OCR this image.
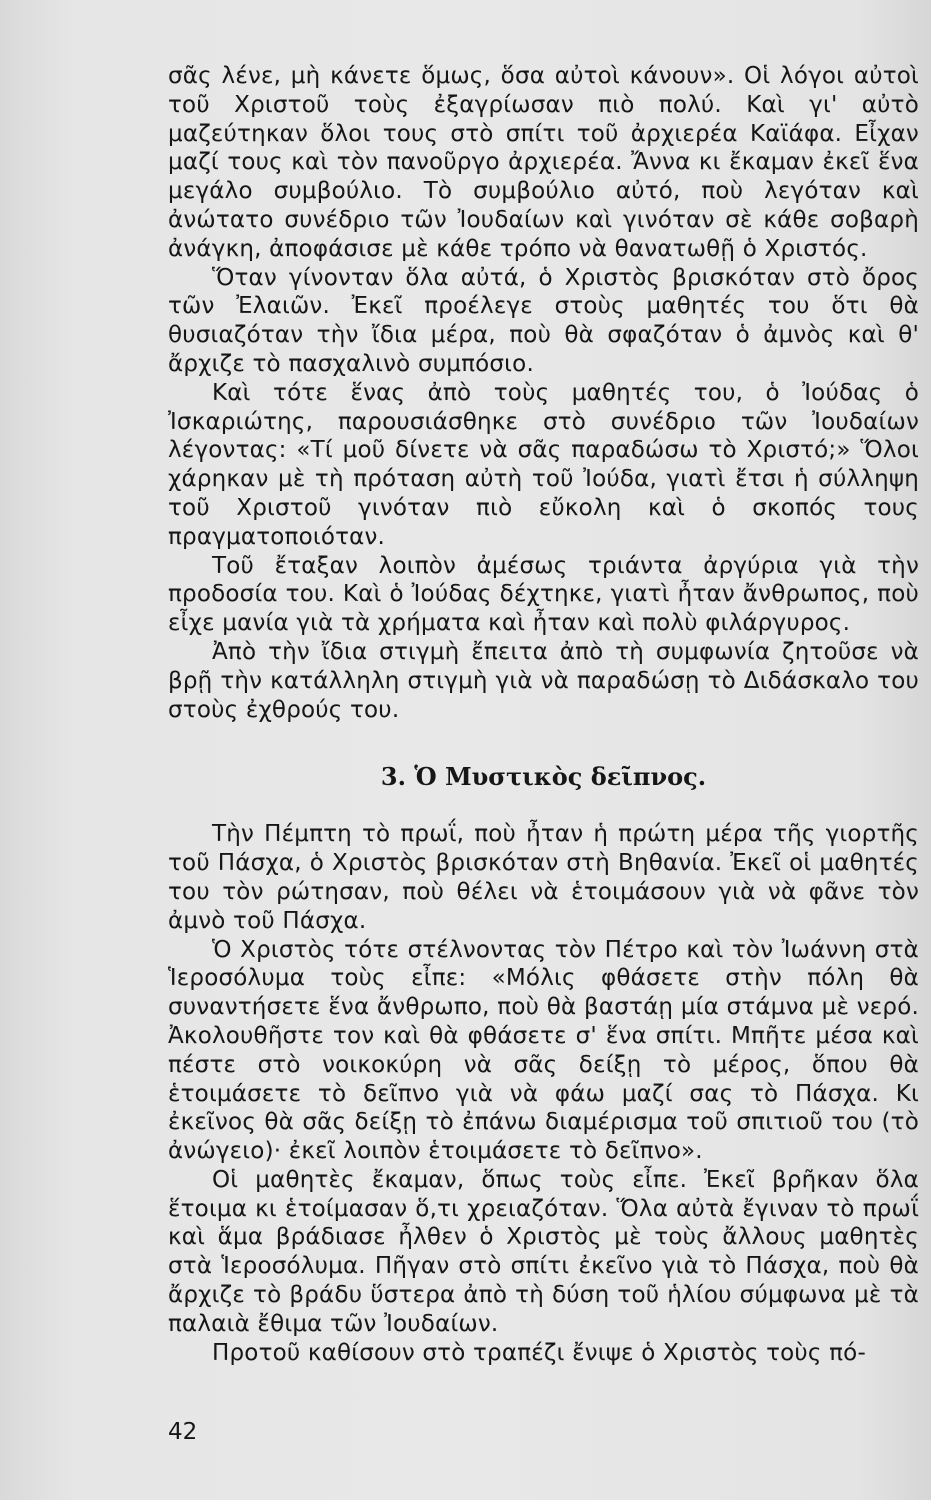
σᾶς λένε, μὴ κάνετε ὅμως, ὅσα αὐτοὶ κάνουν». Οἱ λόγοι αὐτοὶ τοῦ Χριστοῦ τοὺς ἐξαγρίωσαν πιὸ πολύ. Καὶ γι' αὐτὸ μαζεύτηκαν ὅλοι τους στὸ σπίτι τοῦ ἀρχιερέα Καϊάφα. Εἶχαν μαζί τους καὶ τὸν πανοῦργο ἀρχιερέα. Ἄννα κι ἔκαμαν ἐκεῖ ἕνα μεγάλο συμβούλιο. Τὸ συμβούλιο αὐτό, ποὺ λεγόταν καὶ ἀνώτατο συνέδριο τῶν Ἰουδαίων καὶ γινόταν σὲ κάθε σοβαρὴ ἀνάγκη, ἀποφάσισε μὲ κάθε τρόπο νὰ θανατωθῇ ὁ Χριστός.

Ὅταν γίνονταν ὅλα αὐτά, ὁ Χριστὸς βρισκόταν στὸ ὄρος τῶν Ἐλαιῶν. Ἐκεῖ προέλεγε στοὺς μαθητές του ὅτι θὰ θυσιαζόταν τὴν ἴδια μέρα, ποὺ θὰ σφαζόταν ὁ ἀμνὸς καὶ θ' ἄρχιζε τὸ πασχαλινὸ συμπόσιο.

Καὶ τότε ἕνας ἀπὸ τοὺς μαθητές του, ὁ Ἰούδας ὁ Ἰσκαριώτης, παρουσιάσθηκε στὸ συνέδριο τῶν Ἰουδαίων λέγοντας: «Τί μοῦ δίνετε νὰ σᾶς παραδώσω τὸ Χριστό;» Ὅλοι χάρηκαν μὲ τὴ πρόταση αὐτὴ τοῦ Ἰούδα, γιατὶ ἔτσι ἡ σύλληψη τοῦ Χριστοῦ γινόταν πιὸ εὔκολη καὶ ὁ σκοπός τους πραγματοποιόταν.

Τοῦ ἔταξαν λοιπὸν ἀμέσως τριάντα ἀργύρια γιὰ τὴν προδοσία του. Καὶ ὁ Ἰούδας δέχτηκε, γιατὶ ἦταν ἄνθρωπος, ποὺ εἶχε μανία γιὰ τὰ χρήματα καὶ ἦταν καὶ πολὺ φιλάργυρος.

Ἀπὸ τὴν ἴδια στιγμὴ ἔπειτα ἀπὸ τὴ συμφωνία ζητοῦσε νὰ βρῇ τὴν κατάλληλη στιγμὴ γιὰ νὰ παραδώσῃ τὸ Διδάσκαλο του στοὺς ἐχθρούς του.

3. Ὁ Μυστικὸς δεῖπνος.

Τὴν Πέμπτη τὸ πρωΐ, ποὺ ἦταν ἡ πρώτη μέρα τῆς γιορτῆς τοῦ Πάσχα, ὁ Χριστὸς βρισκόταν στὴ Βηθανία. Ἐκεῖ οἱ μαθητές του τὸν ρώτησαν, ποὺ θέλει νὰ ἑτοιμάσουν γιὰ νὰ φᾶνε τὸν ἀμνὸ τοῦ Πάσχα.

Ὁ Χριστὸς τότε στέλνοντας τὸν Πέτρο καὶ τὸν Ἰωάννη στὰ Ἱεροσόλυμα τοὺς εἶπε: «Μόλις φθάσετε στὴν πόλη θὰ συναντήσετε ἕνα ἄνθρωπο, ποὺ θὰ βαστάῃ μία στάμνα μὲ νερό. Ἀκολουθῆστε τον καὶ θὰ φθάσετε σ' ἕνα σπίτι. Μπῆτε μέσα καὶ πέστε στὸ νοικοκύρη νὰ σᾶς δείξῃ τὸ μέρος, ὅπου θὰ ἑτοιμάσετε τὸ δεῖπνο γιὰ νὰ φάω μαζί σας τὸ Πάσχα. Κι ἐκεῖνος θὰ σᾶς δείξῃ τὸ ἐπάνω διαμέρισμα τοῦ σπιτιοῦ του (τὸ ἀνώγειο)· ἐκεῖ λοιπὸν ἑτοιμάσετε τὸ δεῖπνο».

Οἱ μαθητὲς ἔκαμαν, ὅπως τοὺς εἶπε. Ἐκεῖ βρῆκαν ὅλα ἕτοιμα κι ἑτοίμασαν ὅ,τι χρειαζόταν. Ὅλα αὐτὰ ἔγιναν τὸ πρωΐ καὶ ἅμα βράδιασε ἦλθεν ὁ Χριστὸς μὲ τοὺς ἄλλους μαθητὲς στὰ Ἱεροσόλυμα. Πῆγαν στὸ σπίτι ἐκεῖνο γιὰ τὸ Πάσχα, ποὺ θὰ ἄρχιζε τὸ βράδυ ὕστερα ἀπὸ τὴ δύση τοῦ ἡλίου σύμφωνα μὲ τὰ παλαιὰ ἔθιμα τῶν Ἰουδαίων.

Προτοῦ καθίσουν στὸ τραπέζι ἔνιψε ὁ Χριστὸς τοὺς πό-

42
